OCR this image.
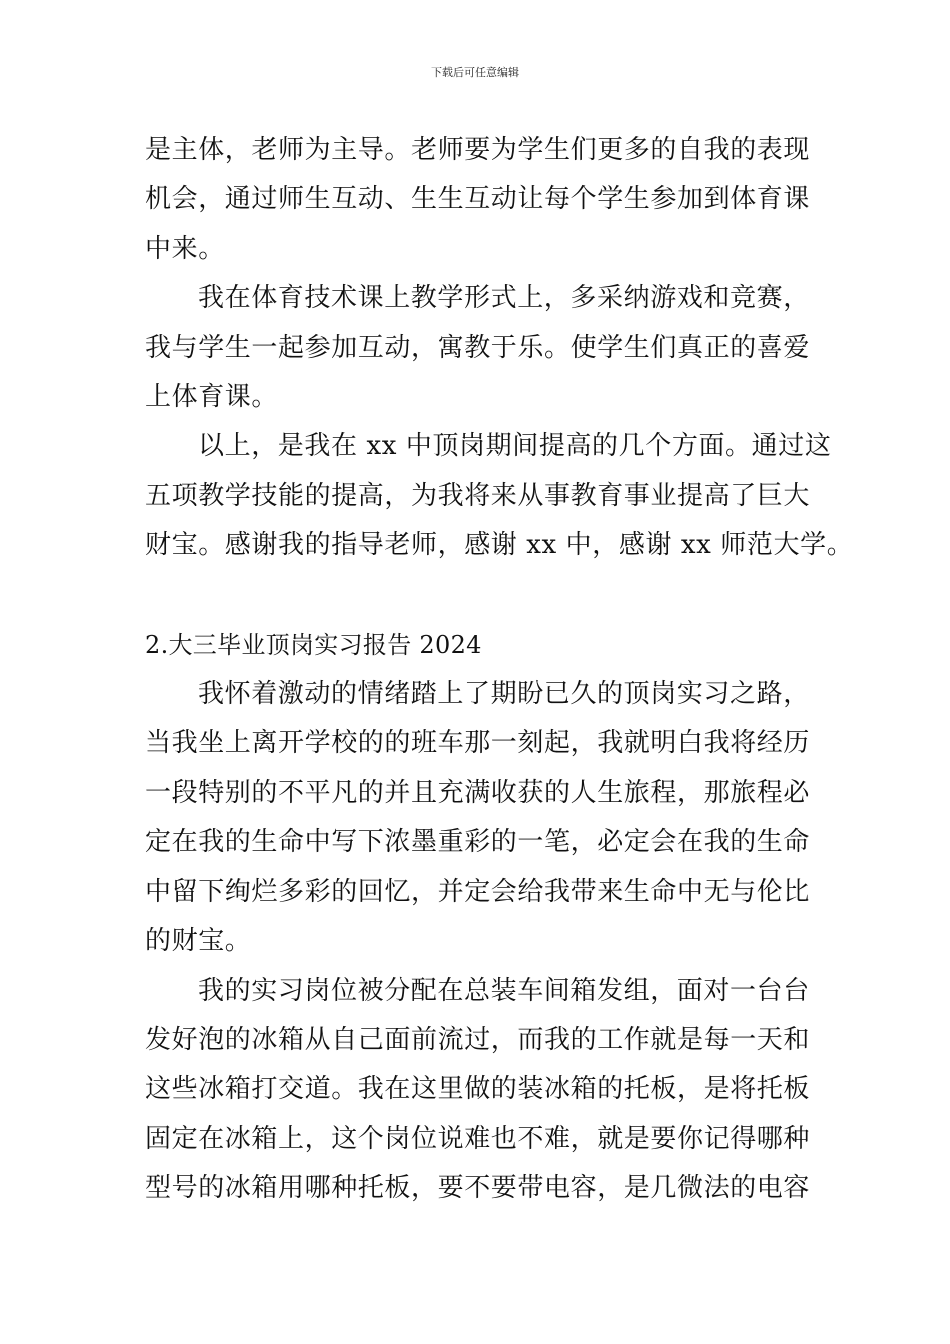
下载后可任意编辑
是主体，老师为主导。老师要为学生们更多的自我的表现
机会，通过师生互动、生生互动让每个学生参加到体育课
中来。
我在体育技术课上教学形式上，多采纳游戏和竞赛，
我与学生一起参加互动，寓教于乐。使学生们真正的喜爱
上体育课。
以上，是我在 xx 中顶岗期间提高的几个方面。通过这
五项教学技能的提高，为我将来从事教育事业提高了巨大
财宝。感谢我的指导老师，感谢 xx 中，感谢 xx 师范大学。
2.大三毕业顶岗实习报告 2024
我怀着激动的情绪踏上了期盼已久的顶岗实习之路，
当我坐上离开学校的的班车那一刻起，我就明白我将经历
一段特别的不平凡的并且充满收获的人生旅程，那旅程必
定在我的生命中写下浓墨重彩的一笔，必定会在我的生命
中留下绚烂多彩的回忆，并定会给我带来生命中无与伦比
的财宝。
我的实习岗位被分配在总装车间箱发组，面对一台台
发好泡的冰箱从自己面前流过，而我的工作就是每一天和
这些冰箱打交道。我在这里做的装冰箱的托板，是将托板
固定在冰箱上，这个岗位说难也不难，就是要你记得哪种
型号的冰箱用哪种托板，要不要带电容，是几微法的电容
